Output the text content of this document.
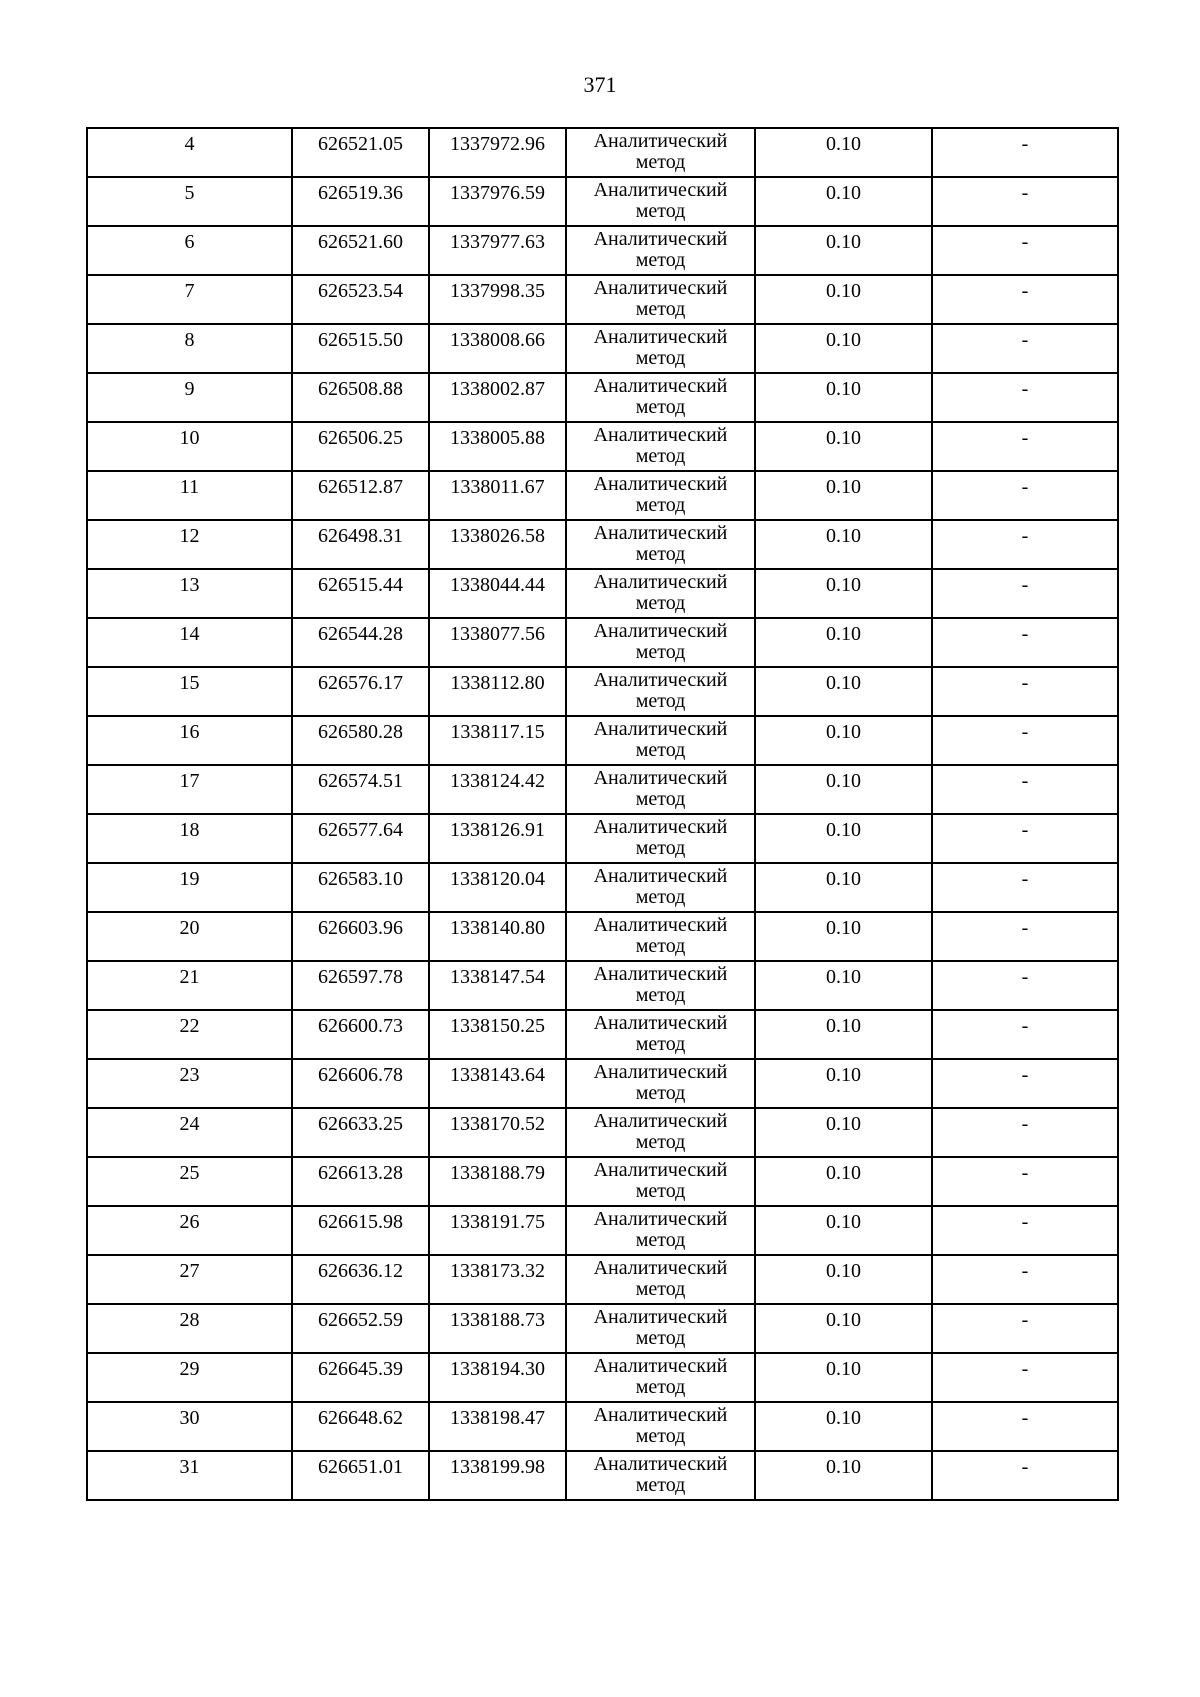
371
4	626521.05	1337972.96	Аналитический
метод	0.10	-
5	626519.36	1337976.59	Аналитический
метод	0.10	-
6	626521.60	1337977.63	Аналитический
метод	0.10	-
7	626523.54	1337998.35	Аналитический
метод	0.10	-
8	626515.50	1338008.66	Аналитический
метод	0.10	-
9	626508.88	1338002.87	Аналитический
метод	0.10	-
10	626506.25	1338005.88	Аналитический
метод	0.10	-
11	626512.87	1338011.67	Аналитический
метод	0.10	-
12	626498.31	1338026.58	Аналитический
метод	0.10	-
13	626515.44	1338044.44	Аналитический
метод	0.10	-
14	626544.28	1338077.56	Аналитический
метод	0.10	-
15	626576.17	1338112.80	Аналитический
метод	0.10	-
16	626580.28	1338117.15	Аналитический
метод	0.10	-
17	626574.51	1338124.42	Аналитический
метод	0.10	-
18	626577.64	1338126.91	Аналитический
метод	0.10	-
19	626583.10	1338120.04	Аналитический
метод	0.10	-
20	626603.96	1338140.80	Аналитический
метод	0.10	-
21	626597.78	1338147.54	Аналитический
метод	0.10	-
22	626600.73	1338150.25	Аналитический
метод	0.10	-
23	626606.78	1338143.64	Аналитический
метод	0.10	-
24	626633.25	1338170.52	Аналитический
метод	0.10	-
25	626613.28	1338188.79	Аналитический
метод	0.10	-
26	626615.98	1338191.75	Аналитический
метод	0.10	-
27	626636.12	1338173.32	Аналитический
метод	0.10	-
28	626652.59	1338188.73	Аналитический
метод	0.10	-
29	626645.39	1338194.30	Аналитический
метод	0.10	-
30	626648.62	1338198.47	Аналитический
метод	0.10	-
31	626651.01	1338199.98	Аналитический
метод	0.10	-
